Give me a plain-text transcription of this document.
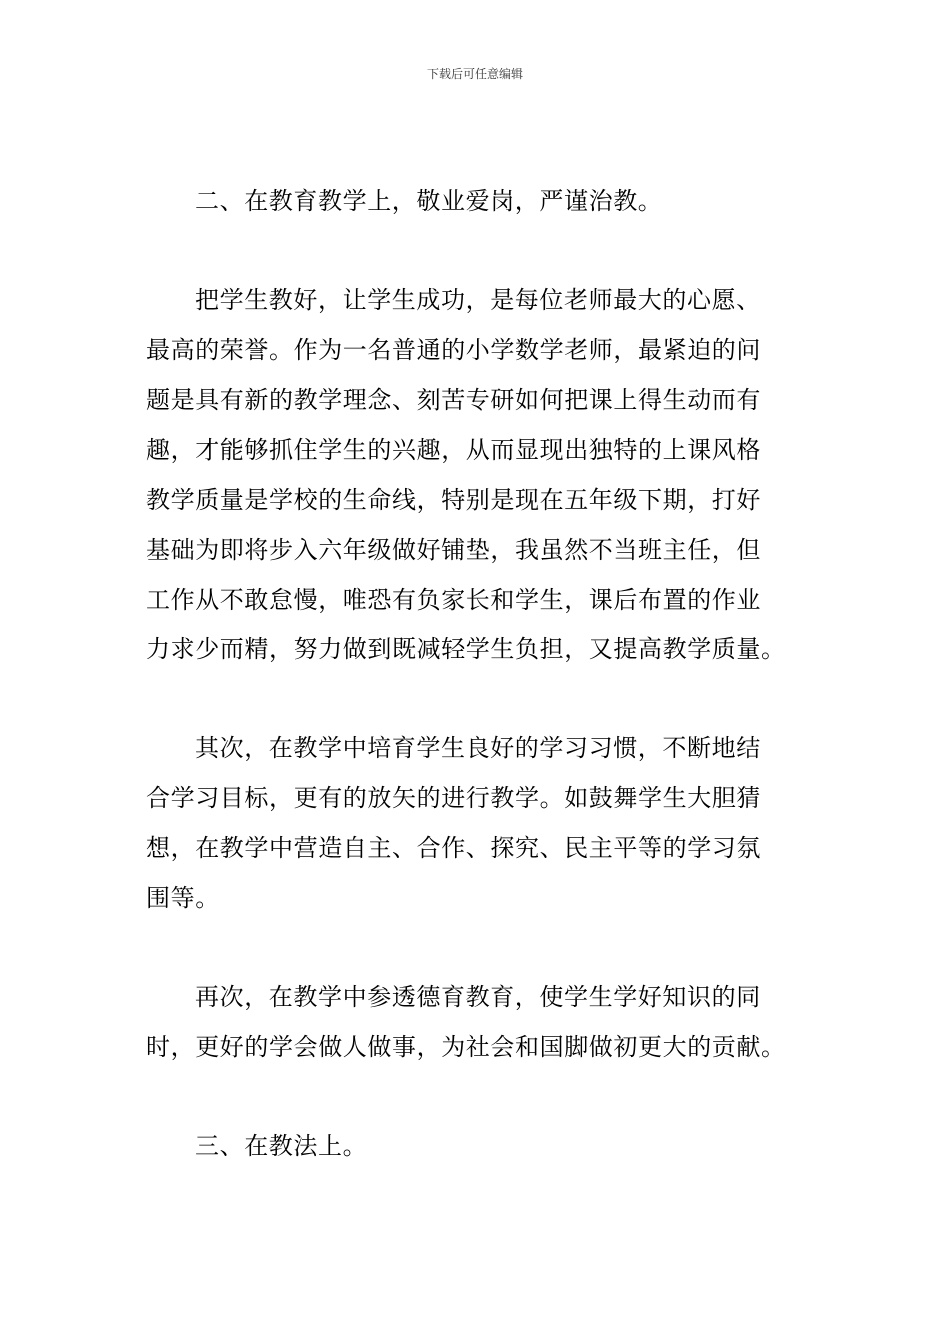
下载后可任意编辑
二、在教育教学上，敬业爱岗，严谨治教。
把学生教好，让学生成功，是每位老师最大的心愿、
最高的荣誉。作为一名普通的小学数学老师，最紧迫的问
题是具有新的教学理念、刻苦专研如何把课上得生动而有
趣，才能够抓住学生的兴趣，从而显现出独特的上课风格
教学质量是学校的生命线，特别是现在五年级下期，打好
基础为即将步入六年级做好铺垫，我虽然不当班主任，但
工作从不敢怠慢，唯恐有负家长和学生，课后布置的作业
力求少而精，努力做到既减轻学生负担，又提高教学质量。
其次，在教学中培育学生良好的学习习惯，不断地结
合学习目标，更有的放矢的进行教学。如鼓舞学生大胆猜
想，在教学中营造自主、合作、探究、民主平等的学习氛
围等。
再次，在教学中参透德育教育，使学生学好知识的同
时，更好的学会做人做事，为社会和国脚做初更大的贡献。
三、在教法上。
